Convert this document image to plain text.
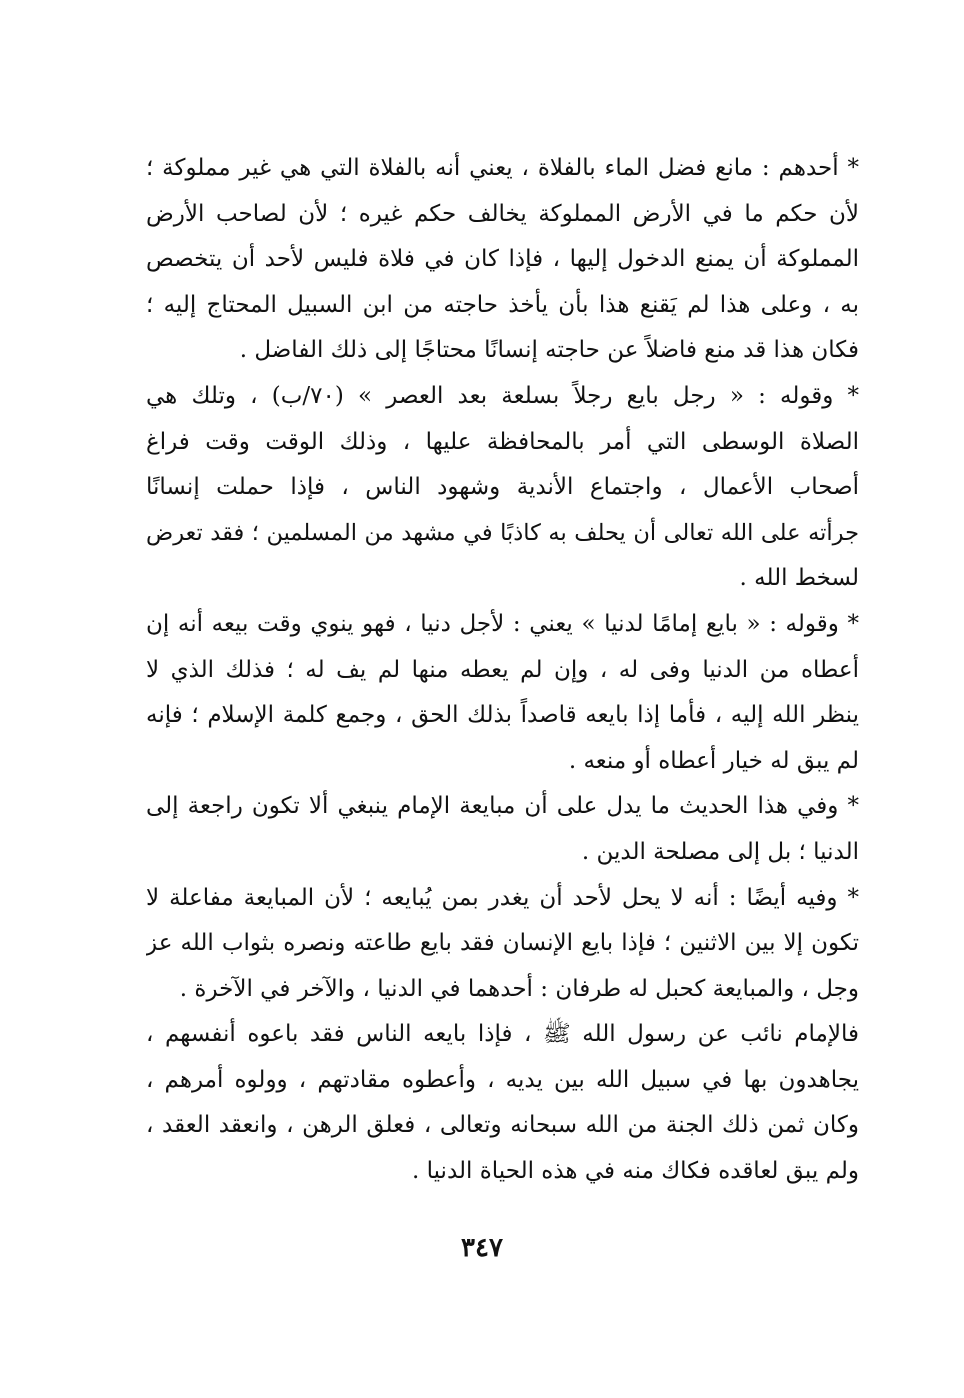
* أحدهم : مانع فضل الماء بالفلاة ، يعني أنه بالفلاة التي هي غير مملوكة ؛
لأن حكم ما في الأرض المملوكة يخالف حكم غيره ؛ لأن لصاحب الأرض
المملوكة أن يمنع الدخول إليها ، فإذا كان في فلاة فليس لأحد أن يتخصص
به ، وعلى هذا لم يَقنع هذا بأن يأخذ حاجته من ابن السبيل المحتاج إليه ؛
فكان هذا قد منع فاضلاً عن حاجته إنسانًا محتاجًا إلى ذلك الفاضل .
* وقوله : « رجل بايع رجلاً بسلعة بعد العصر » (٧٠/ب) ، وتلك هي
الصلاة الوسطى التي أمر بالمحافظة عليها ، وذلك الوقت وقت فراغ
أصحاب الأعمال ، واجتماع الأندية وشهود الناس ، فإذا حملت إنسانًا
جرأته على الله تعالى أن يحلف به كاذبًا في مشهد من المسلمين ؛ فقد تعرض
لسخط الله .
* وقوله : « بايع إمامًا لدنيا » يعني : لأجل دنيا ، فهو ينوي وقت بيعه أنه إن
أعطاه من الدنيا وفى له ، وإن لم يعطه منها لم يف له ؛ فذلك الذي لا
ينظر الله إليه ، فأما إذا بايعه قاصداً بذلك الحق ، وجمع كلمة الإسلام ؛ فإنه
لم يبق له خيار أعطاه أو منعه .
* وفي هذا الحديث ما يدل على أن مبايعة الإمام ينبغي ألا تكون راجعة إلى
الدنيا ؛ بل إلى مصلحة الدين .
* وفيه أيضًا : أنه لا يحل لأحد أن يغدر بمن يُبايعه ؛ لأن المبايعة مفاعلة لا
تكون إلا بين الاثنين ؛ فإذا بايع الإنسان فقد بايع طاعته ونصره بثواب الله عز
وجل ، والمبايعة كحبل له طرفان : أحدهما في الدنيا ، والآخر في الآخرة .
فالإمام نائب عن رسول الله ﷺ ، فإذا بايعه الناس فقد باعوه أنفسهم ،
يجاهدون بها في سبيل الله بين يديه ، وأعطوه مقادتهم ، وولوه أمرهم ،
وكان ثمن ذلك الجنة من الله سبحانه وتعالى ، فعلق الرهن ، وانعقد العقد ،
ولم يبق لعاقده فكاك منه في هذه الحياة الدنيا .
٣٤٧
